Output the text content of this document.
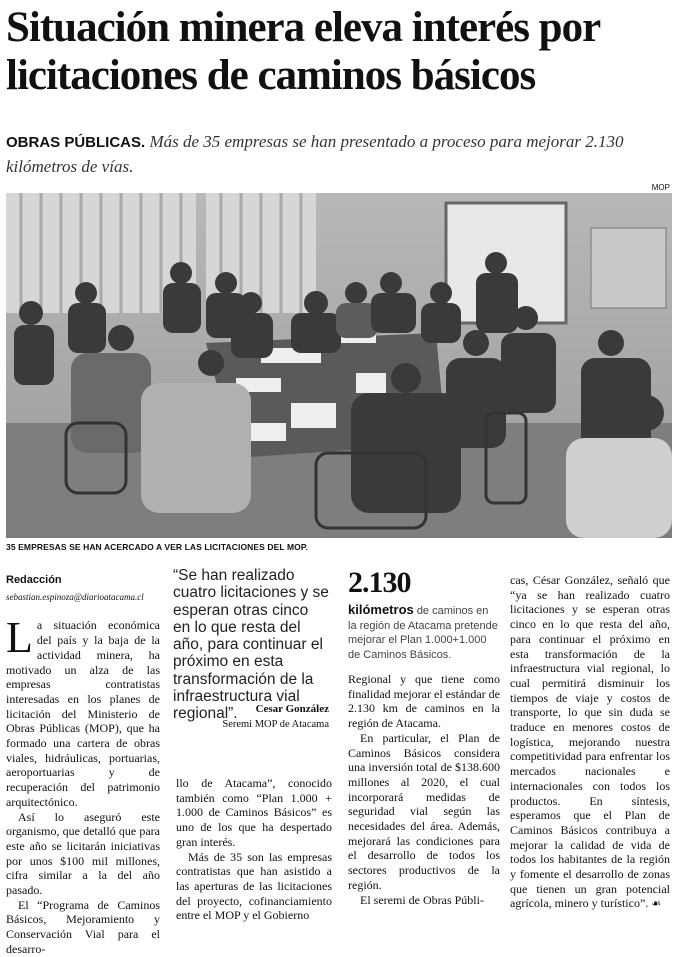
Situación minera eleva interés por licitaciones de caminos básicos

OBRAS PÚBLICAS. Más de 35 empresas se han presentado a proceso para mejorar 2.130 kilómetros de vías.

MOP
35 EMPRESAS SE HAN ACERCADO A VER LAS LICITACIONES DEL MOP.
Redacción
sebastian.espinoza@diarioatacama.cl

La situación económica del país y la baja de la actividad minera, ha motivado un alza de las empresas contratistas interesadas en los planes de licitación del Ministerio de Obras Públicas (MOP), que ha formado una cartera de obras viales, hidráulicas, portuarias, aeroportuarias y de recuperación del patrimonio arquitectónico.

Así lo aseguró este organismo, que detalló que para este año se licitarán iniciativas por unos $100 mil millones, cifra similar a la del año pasado.

El “Programa de Caminos Básicos, Mejoramiento y Conservación Vial para el desarro-

“Se han realizado cuatro licitaciones y se esperan otras cinco en lo que resta del año, para continuar el próximo en esta transformación de la infraestructura vial regional”.	Cesar González
Seremi MOP de Atacama

llo de Atacama”, conocido también como “Plan 1.000 + 1.000 de Caminos Básicos” es uno de los que ha despertado gran interés.

Más de 35 son las empresas contratistas que han asistido a las aperturas de las licitaciones del proyecto, cofinanciamiento entre el MOP y el Gobierno

2.130
kilómetros de caminos en la región de Atacama pretende mejorar el Plan 1.000+1.000 de Caminos Básicos.

Regional y que tiene como finalidad mejorar el estándar de 2.130 km de caminos en la región de Atacama.

En particular, el Plan de Caminos Básicos considera una inversión total de $138.600 millones al 2020, el cual incorporará medidas de seguridad vial según las necesidades del área. Además, mejorará las condiciones para el desarrollo de todos los sectores productivos de la región.

El seremi de Obras Públi-

cas, César González, señaló que “ya se han realizado cuatro licitaciones y se esperan otras cinco en lo que resta del año, para continuar el próximo en esta transformación de la infraestructura vial regional, lo cual permitirá disminuir los tiempos de viaje y costos de transporte, lo que sin duda se traduce en menores costos de logística, mejorando nuestra competitividad para enfrentar los mercados nacionales e internacionales con todos los productos. En síntesis, esperamos que el Plan de Caminos Básicos contribuya a mejorar la calidad de vida de todos los habitantes de la región y fomente el desarrollo de zonas que tienen un gran potencial agrícola, minero y turístico”. ☙
